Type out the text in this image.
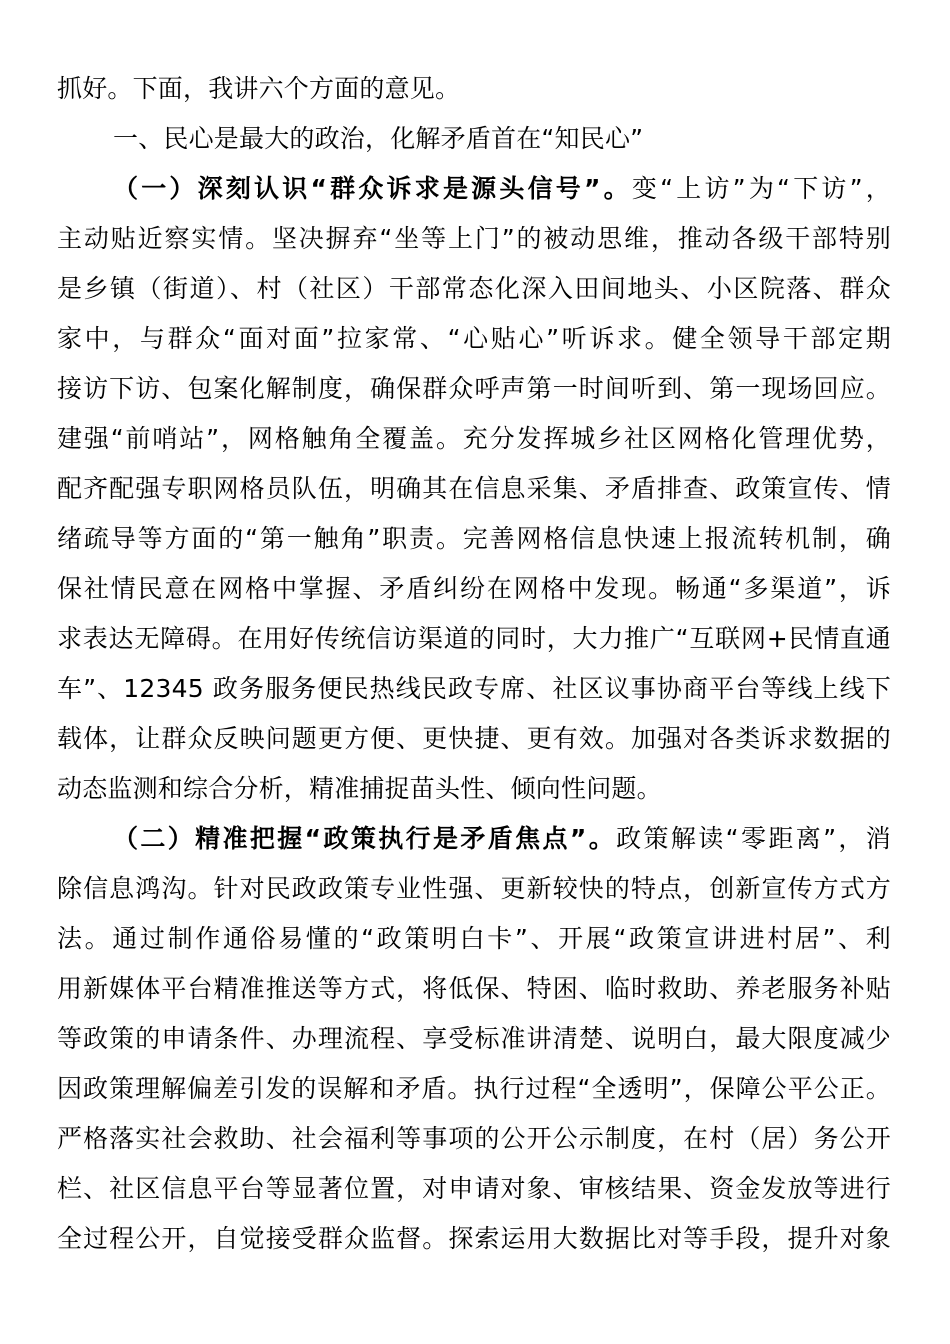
抓好。下面，我讲六个方面的意见。
一、民心是最大的政治，化解矛盾首在“知民心”
（一）深刻认识“群众诉求是源头信号”。变“上访”为“下访”，
主动贴近察实情。坚决摒弃“坐等上门”的被动思维，推动各级干部特别
是乡镇（街道）、村（社区）干部常态化深入田间地头、小区院落、群众
家中，与群众“面对面”拉家常、“心贴心”听诉求。健全领导干部定期
接访下访、包案化解制度，确保群众呼声第一时间听到、第一现场回应。
建强“前哨站”，网格触角全覆盖。充分发挥城乡社区网格化管理优势，
配齐配强专职网格员队伍，明确其在信息采集、矛盾排查、政策宣传、情
绪疏导等方面的“第一触角”职责。完善网格信息快速上报流转机制，确
保社情民意在网格中掌握、矛盾纠纷在网格中发现。畅通“多渠道”，诉
求表达无障碍。在用好传统信访渠道的同时，大力推广“互联网+民情直通
车”、12345 政务服务便民热线民政专席、社区议事协商平台等线上线下
载体，让群众反映问题更方便、更快捷、更有效。加强对各类诉求数据的
动态监测和综合分析，精准捕捉苗头性、倾向性问题。
（二）精准把握“政策执行是矛盾焦点”。政策解读“零距离”，消
除信息鸿沟。针对民政政策专业性强、更新较快的特点，创新宣传方式方
法。通过制作通俗易懂的“政策明白卡”、开展“政策宣讲进村居”、利
用新媒体平台精准推送等方式，将低保、特困、临时救助、养老服务补贴
等政策的申请条件、办理流程、享受标准讲清楚、说明白，最大限度减少
因政策理解偏差引发的误解和矛盾。执行过程“全透明”，保障公平公正。
严格落实社会救助、社会福利等事项的公开公示制度，在村（居）务公开
栏、社区信息平台等显著位置，对申请对象、审核结果、资金发放等进行
全过程公开，自觉接受群众监督。探索运用大数据比对等手段，提升对象
